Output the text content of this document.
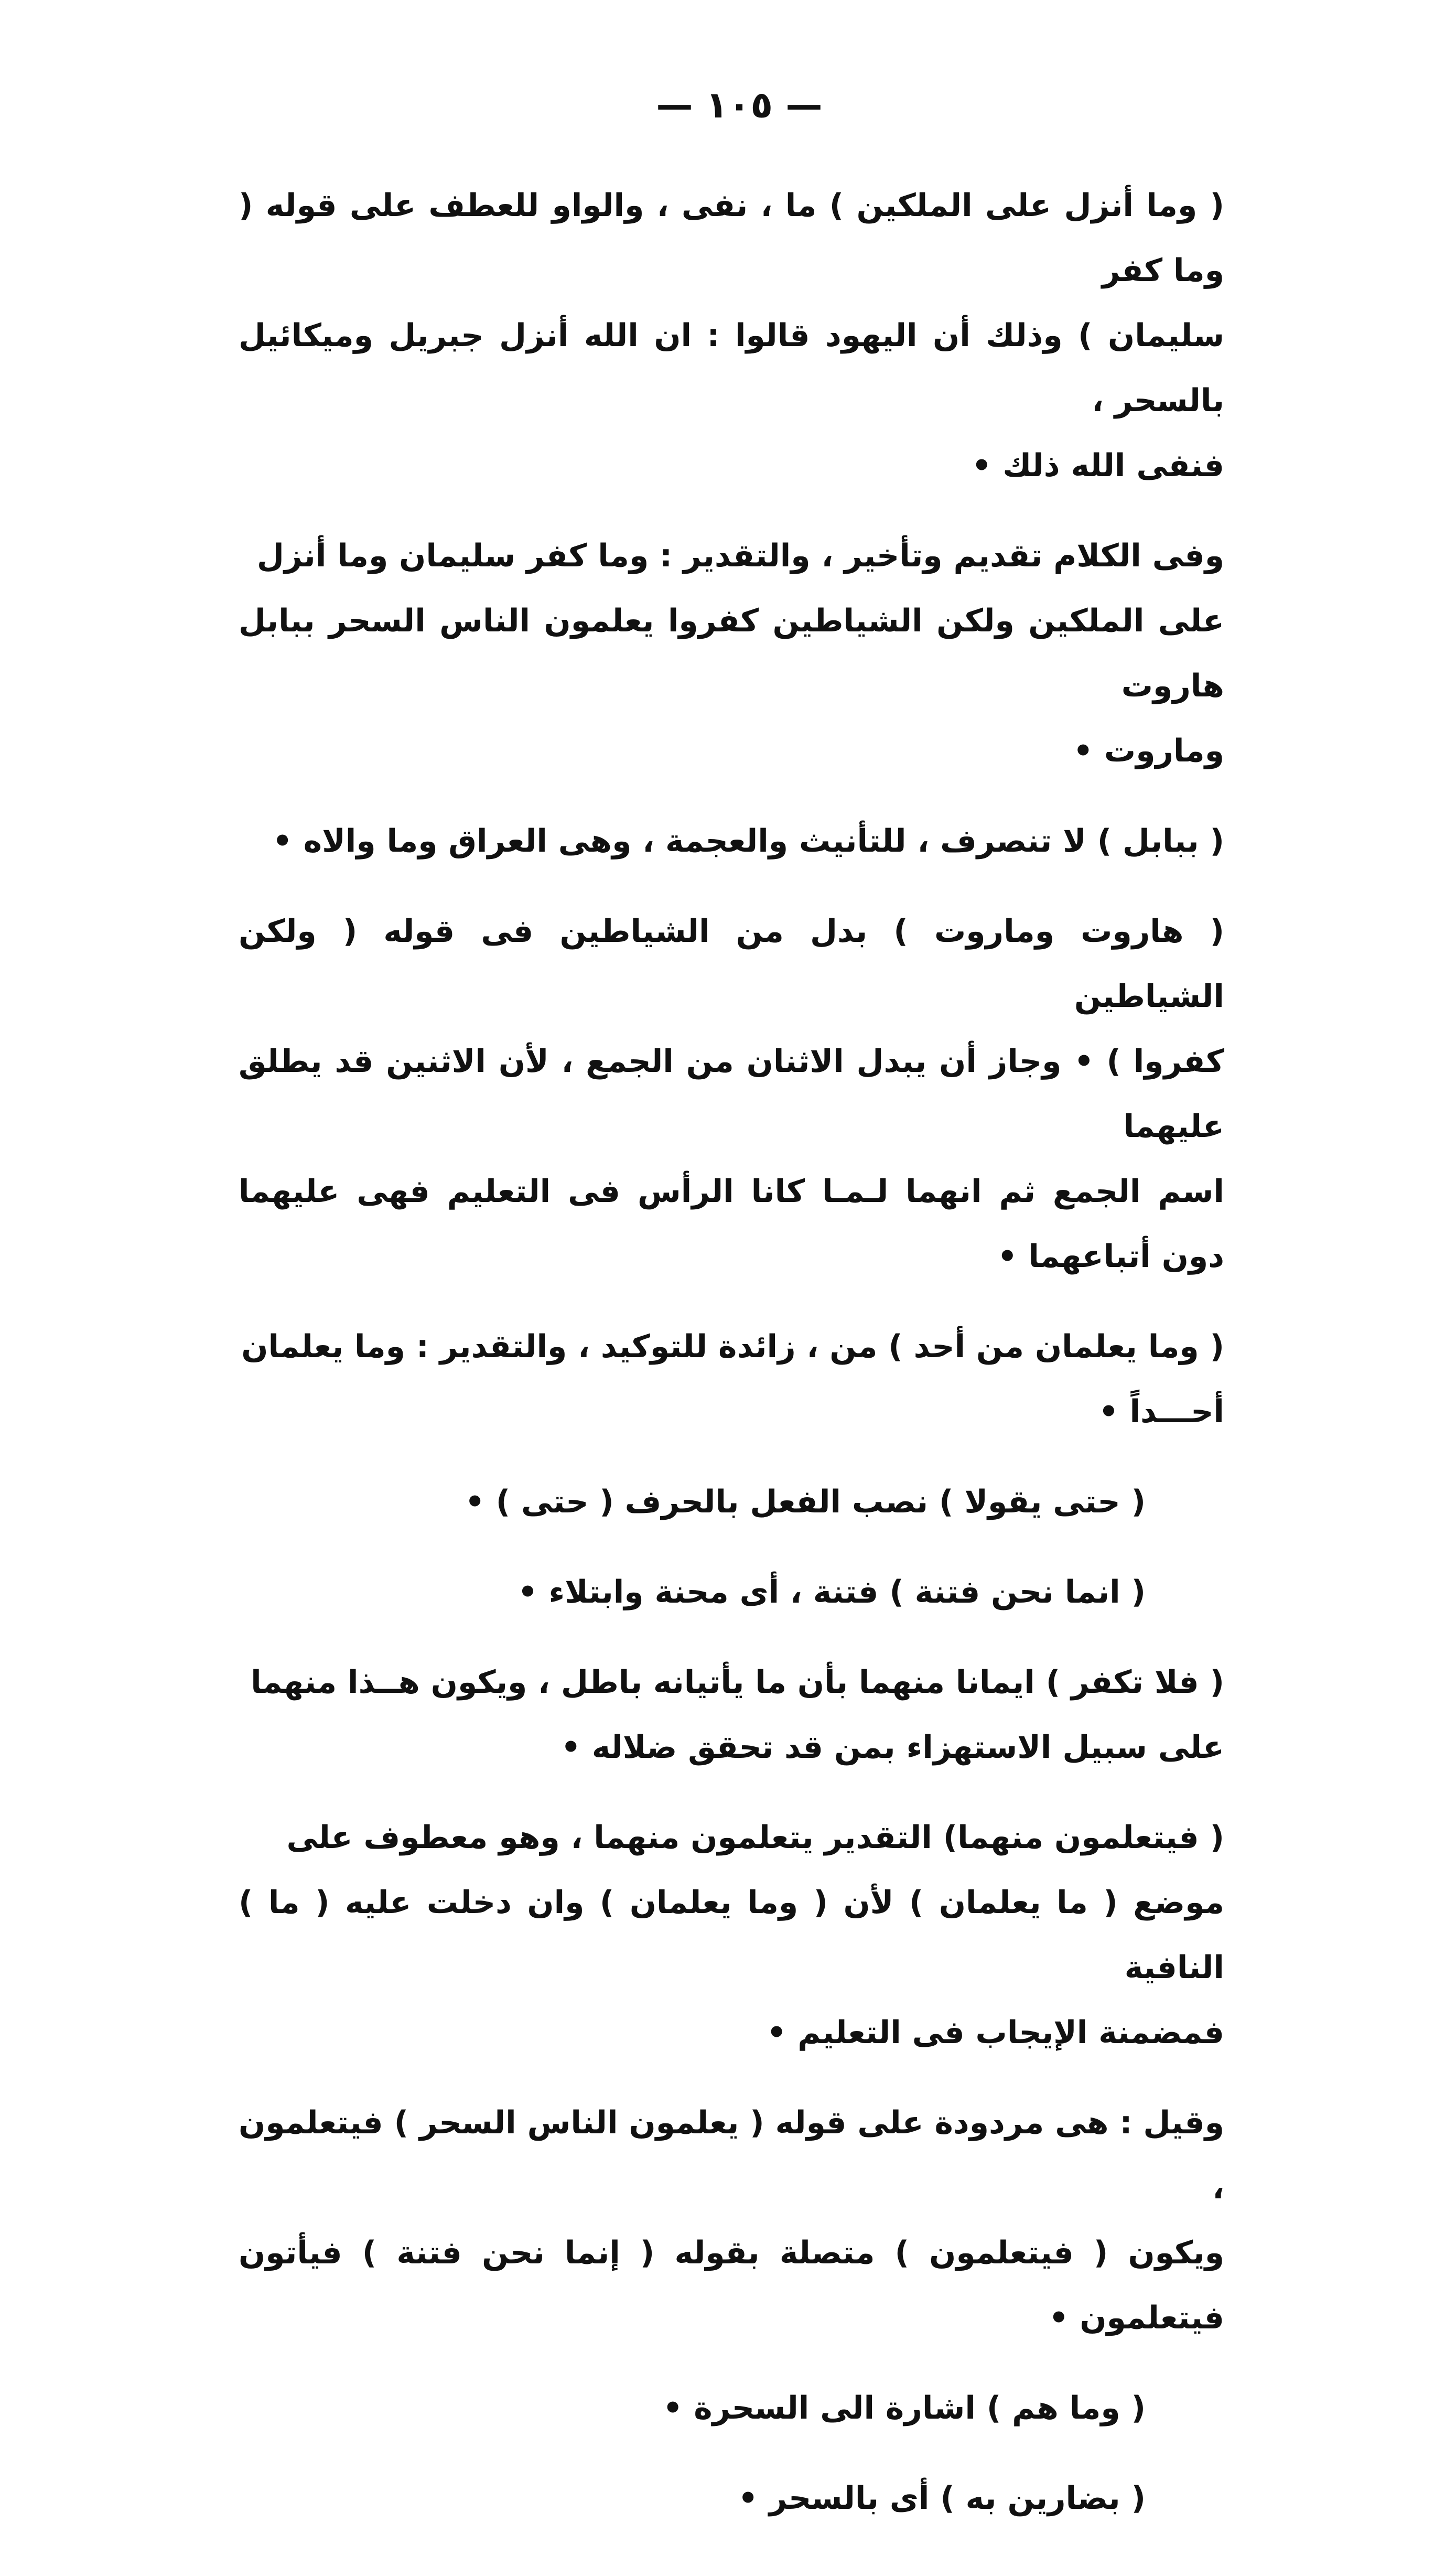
— ١٠٥ —

( وما أنزل على الملكين ) ما ، نفى ، والواو للعطف على قوله ( وما كفر
سليمان ) وذلك أن اليهود قالوا : ان الله أنزل جبريل وميكائيل بالسحر ،
فنفى الله ذلك •

وفى الكلام تقديم وتأخير ، والتقدير : وما كفر سليمان وما أنزل
على الملكين ولكن الشياطين كفروا يعلمون الناس السحر ببابل هاروت
وماروت •

( ببابل ) لا تنصرف ، للتأنيث والعجمة ، وهى العراق وما والاه •

( هاروت وماروت ) بدل من الشياطين فى قوله ( ولكن الشياطين
كفروا ) • وجاز أن يبدل الاثنان من الجمع ، لأن الاثنين قد يطلق عليهما
اسم الجمع ثم انهما لـمـا كانا الرأس فى التعليم فهى عليهما دون أتباعهما •

( وما يعلمان من أحد ) من ، زائدة للتوكيد ، والتقدير : وما يعلمان
أحـــداً •

( حتى يقولا ) نصب الفعل بالحرف ( حتى ) •

( انما نحن فتنة ) فتنة ، أى محنة وابتلاء •

( فلا تكفر ) ايمانا منهما بأن ما يأتيانه باطل ، ويكون هــذا منهما
على سبيل الاستهزاء بمن قد تحقق ضلاله •

( فيتعلمون منهما) التقدير يتعلمون منهما ، وهو معطوف على
موضع ( ما يعلمان ) لأن ( وما يعلمان ) وان دخلت عليه ( ما ) النافية
فمضمنة الإيجاب فى التعليم •

وقيل : هى مردودة على قوله ( يعلمون الناس السحر ) فيتعلمون ،
ويكون ( فيتعلمون ) متصلة بقوله ( إنما نحن فتنة ) فيأتون فيتعلمون •

( وما هم ) اشارة الى السحرة •

( بضارين به ) أى بالسحر •
